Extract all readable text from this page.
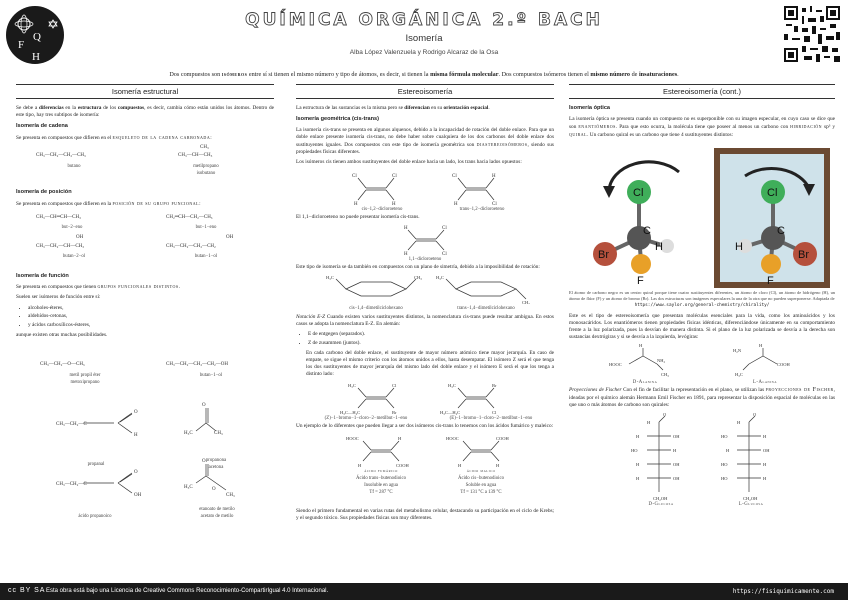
F
Q
H
QUÍMICA ORGÁNICA 2.º BACH
Isomería
Alba López Valenzuela y Rodrigo Alcaraz de la Osa
Dos compuestos son isómeros entre sí si tienen el mismo número y tipo de átomos, es decir, si tienen la misma fórmula molecular. Dos compuestos isómeros tienen el mismo número de insaturaciones.
Isomería estructural
Se debe a diferencias en la estructura de los compuestos, es decir, cambia cómo están unidos los átomos. Dentro de este tipo, hay tres subtipos de isomería:
Isomería de cadena
Se presenta en compuestos que difieren en el esqueleto de la cadena carbonada:
CH₃—CH₂—CH₂—CH₃
butano
CH₃
CH₃—CH—CH₃
metilpropano
isobutano
Isomería de posición
Se presenta en compuestos que difieren en la posición de su grupo funcional:
CH₃—CH═CH—CH₃
but−2−eno
CH₂═CH—CH₂—CH₃
but−1−eno
OH
CH₃—CH₂—CH—CH₃
butan−2−ol
OH
CH₃—CH₂—CH₂—CH₂
butan−1−ol
Isomería de función
Se presenta en compuestos que tienen grupos funcionales distintos.
Suelen ser isómeros de función entre sí:
• alcoholes-éteres,
• aldehídos-cetonas,
• y ácidos carboxílicos-ésteres,
aunque existen otras muchas posibilidades.
CH₃—CH₂—O—CH₃
metil propil éter
metoxipropano
CH₃—CH₂—CH₂—CH₂—OH
butan−1−ol
CH₃—CH₂—C
O
H
O
H₃C	CH₃
CH₃—CH₂—C
O
OH
O
H₃C	O
CH₃
propanal
propanona
acetona
ácido propanoico
etanoato de metilo
acetato de metilo
Estereoisomería
La estructura de las sustancias es la misma pero se diferencian en su orientación espacial.
Isomería geométrica (cis-trans)
La isomería cis-trans se presenta en algunos alquenos, debido a la incapacidad de rotación del doble enlace. Para que un doble enlace presente isomería cis-trans, no debe haber sobre cualquiera de los dos carbonos del doble enlace dos sustituyentes iguales. Dos compuestos con este tipo de isomería geométrica son diastereoisómeros, siendo sus propiedades físicas diferentes.
Los isómeros cis tienen ambos sustituyentes del doble enlace hacia un lado, los trans hacia lados opuestos:
Cl	Cl
H	H
Cl	H
H	Cl
cis−1,2−dicloroeteno	trans−1,2−dicloroeteno
El 1,1−dicloroeteno no puede presentar isomería cis-trans.
H	Cl
H	Cl
1,1−dicloroeteno
Este tipo de isomería se da también en compuestos con un plano de simetría, debido a la imposibilidad de rotación:
H₃C	CH₃	H₃C
CH₃
cis−1,4−dimetilciclohexano	trans−1,4−dimetilciclohexano
Notación E-Z Cuando existen varios sustituyentes distintos, la nomenclatura cis-trans puede resultar ambigua. En estos casos se adopta la nomenclatura E-Z. En alemán:
• E de entgegen (separados).
• Z de zusammen (juntos).
En cada carbono del doble enlace, el sustituyente de mayor número atómico tiene mayor jerarquía. En caso de empate, se sigue el mismo criterio con los átomos unidos a ellos, hasta desempatar. El isómero Z será el que tenga los dos sustituyentes de mayor jerarquía del mismo lado del doble enlace y el isómero E será el que los tenga a distinto lado:
H₃C	Cl
H₃C—H₂C	Br
H₃C	Br
H₃C—H₂C	Cl
(Z)−1−bromo−1−cloro−2−metilbut−1−eno	(E)−1−bromo−1−cloro−2−metilbut−1−eno
Un ejemplo de lo diferentes que pueden llegar a ser dos isómeros cis-trans lo tenemos con los ácidos fumárico y maleico:
HOOC	H
H	COOH
HOOC	COOH
H	H
ácido fumárico
Ácido trans−butenodioico
Insoluble en agua
Tf = 287 °C
ácido malico
Ácido cis−butenodioico
Soluble en agua
Tf = 131 °C a 139 °C
Siendo el primero fundamental en varias rutas del metabolismo celular, destacando su participación en el ciclo de Krebs; y el segundo tóxico. Sus propiedades físicas son muy diferentes.
Estereoisomería (cont.)
Isomería óptica
La isomería óptica se presenta cuando un compuesto no es superponible con su imagen especular, en cuyo caso se dice que son enantiómeros. Para que esto ocurra, la molécula tiene que poseer al menos un carbono con hibridación sp³ y quiral. Un carbono quiral es un carbono que tiene 4 sustituyentes distintos:
Cl
C
Br
H
F
Cl
C
Br
H
F
El átomo de carbono negro es un centro quiral porque tiene cuatro sustituyentes diferentes, un átomo de cloro (Cl), un átomo de hidrógeno (H), un átomo de flúor (F) y un átomo de bromo (Br). Las dos estructuras son imágenes especulares la una de la otra que no pueden superponerse. Adaptada de
https://www.saylor.org/general-chemistry/chirality/
Este es el tipo de estereoisomería que presentan moléculas esenciales para la vida, como los aminoácidos y los monosacáridos. Los enantiómeros tienen propiedades físicas idénticas, diferenciándose únicamente en su comportamiento frente a la luz polarizada, pues la desvían de manera distinta. Si el plano de la luz polarizada se desvía a la derecha son sustancias dextrógiras y si se desvía a la izquierda, levógiras:
HOOC
H
NH₂
CH₃
H₂N
COOH
H
H₃C
D-Alanina	L-Alanina
Proyecciones de Fischer Con el fin de facilitar la representación en el plano, se utilizan las proyecciones de Fischer, ideadas por el químico alemán Hermann Emil Fischer en 1891, para representar la disposición espacial de moléculas en las que uno o más átomos de carbono son quirales:
O
H
H	OH
HO	H
H	OH
H	OH
CH₂OH
O
H
HO	H
H	OH
HO	H
HO	H
CH₂OH
D-Glucosa	L-Glucosa
cc BY SA Esta obra está bajo una Licencia de Creative Commons Reconocimiento-CompartirIgual 4.0 Internacional.	https://fisiquimicamente.com
